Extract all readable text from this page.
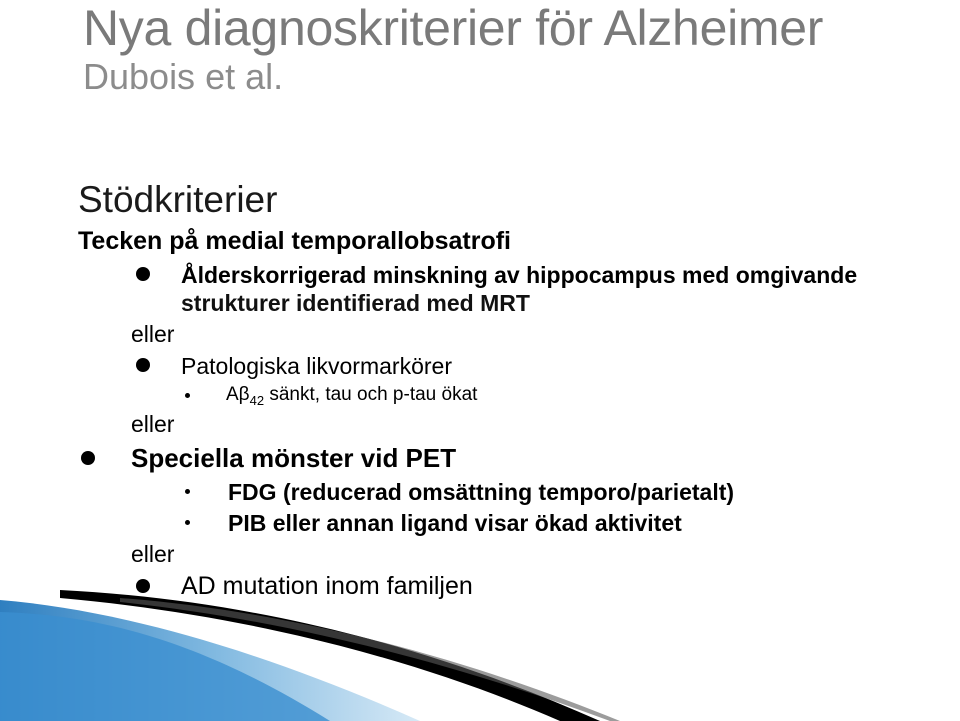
Nya diagnoskriterier för Alzheimer
Dubois et al.
Stödkriterier
Tecken på medial temporallobsatrofi
Ålderskorrigerad minskning av hippocampus med omgivande
strukturer identifierad med MRT
eller
Patologiska likvormarkörer
$A\beta_{42}$ sänkt, tau och p-tau ökat
eller
Speciella mönster vid PET
FDG (reducerad omsättning temporo/parietalt)
PIB eller annan ligand visar ökad aktivitet
eller
AD mutation inom familjen
